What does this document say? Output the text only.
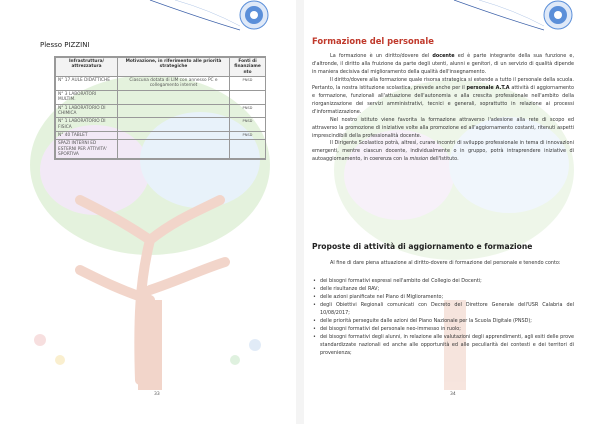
Plesso PIZZINI
Infrastruttura/ attrezzatura	Motivazione, in riferimento alle priorità strategiche	Fonti di finanziame nto
N° 17 AULE DIDATTICHE	Ciascuna dotata di LIM con annesso PC e collegamento internet	PNSD
N° 3 LABORATORI MULTIM.		
N° 1 LABORATORIO DI CHIMICA		PNSD
N° 1 LABORATORIO DI FISICA		PNSD
N° 40 TABLET		PNSD
SPAZI INTERNI ED ESTERNI PER ATTIVITA' SPORTIVA		
33
Formazione del personale

La formazione è un diritto/dovere del docente ed è parte integrante della sua funzione e, d'altronde, il diritto alla fruizione da parte degli utenti, alunni e genitori, di un servizio di qualità dipende in maniera decisiva dal miglioramento della qualità dell'insegnamento.

Il diritto/dovere alla formazione quale risorsa strategica si estende a tutto il personale della scuola. Pertanto, la nostra istituzione scolastica, prevede anche per il personale A.T.A attività di aggiornamento e formazione, funzionali all'attuazione dell'autonomia e alla crescita professionale nell'ambito della riorganizzazione dei servizi amministrativi, tecnici e generali, soprattutto in relazione ai processi d'informatizzazione.

Nel nostro istituto viene favorita la formazione attraverso l'adesione alla rete di scopo ed attraverso la promozione di iniziative volte alla promozione ed all'aggiornamento costanti, ritenuti aspetti imprescindibili della professionalità docente.

Il Dirigente Scolastico potrà, altresì, curare incontri di sviluppo professionale in tema di innovazioni emergenti, mentre ciascun docente, individualmente o in gruppo, potrà intraprendere iniziative di autoaggiornamento, in coerenza con la mission dell'Istituto.

Proposte di attività di aggiornamento e formazione

Al fine di dare piena attuazione al diritto-dovere di formazione del personale e tenendo conto:

• dei bisogni formativi espressi nell'ambito del Collegio dei Docenti;
• delle risultanze del RAV;
• delle azioni pianificate nel Piano di Miglioramento;
• degli Obiettivi Regionali comunicati con Decreto del Direttore Generale dell'USR Calabria del 10/08/2017;
• delle priorità perseguite dalle azioni del Piano Nazionale per la Scuola Digitale (PNSD);
• dei bisogni formativi del personale neo-immesso in ruolo;
• dei bisogni formativi degli alunni, in relazione alle valutazioni degli apprendimenti, agli esiti delle prove standardizzate nazionali ed anche alle opportunità ed alle peculiarità dei contesti e dei territori di provenienza;
34
